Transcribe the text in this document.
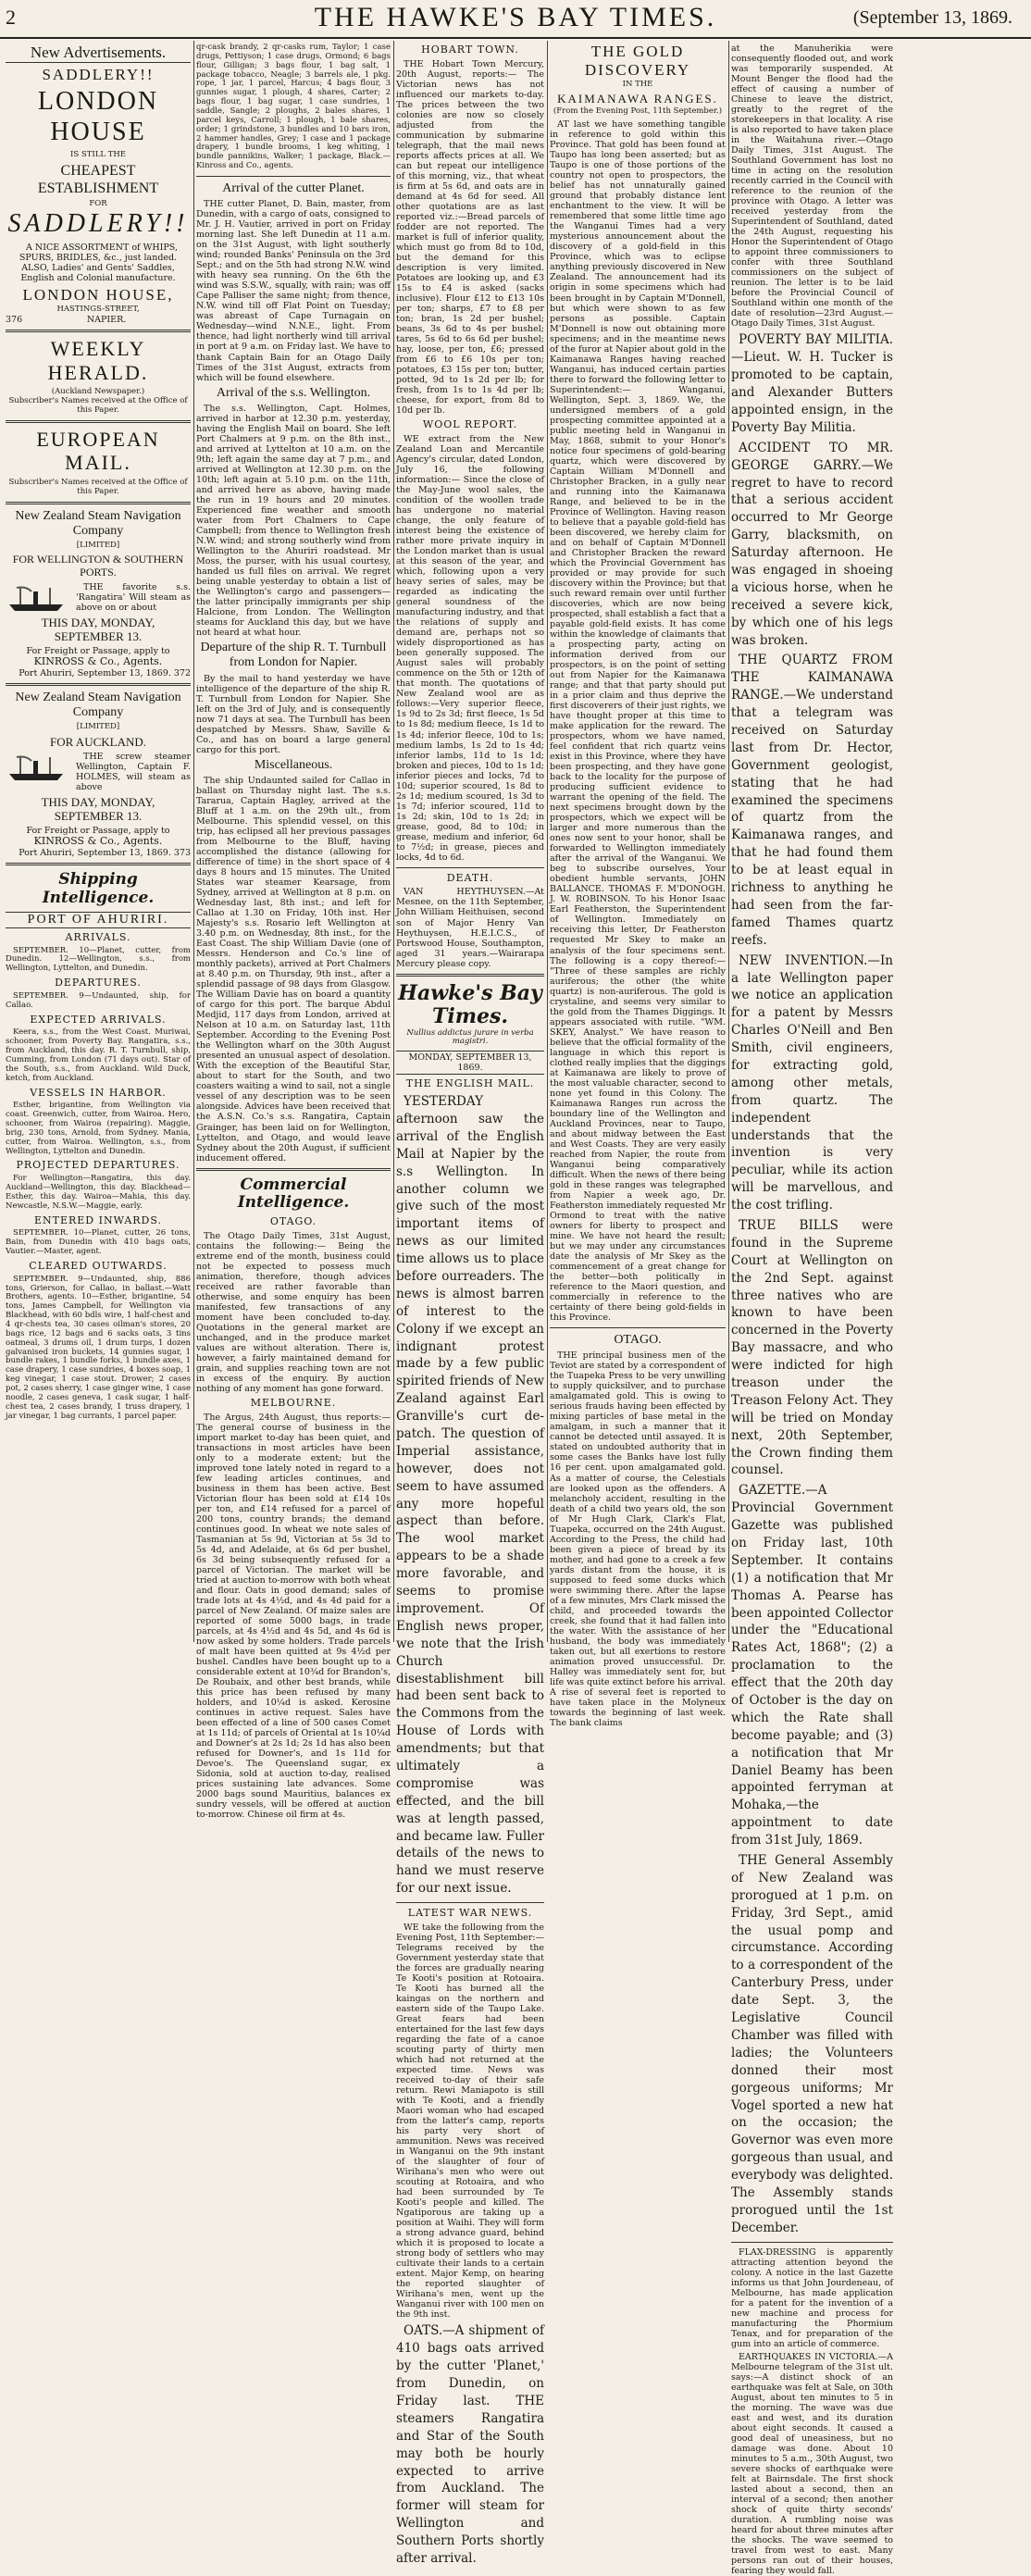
2	THE HAWKE'S BAY TIMES.	(September 13, 1869.
New Advertisements.
SADDLERY!!
LONDON HOUSE
IS STILL THE
CHEAPEST ESTABLISHMENT
FOR
SADDLERY!!

A NICE ASSORTMENT of WHIPS, SPURS, BRIDLES, &c., just landed. ALSO, Ladies' and Gents' Saddles, English and Colonial manufacture.

LONDON HOUSE,
HASTINGS-STREET,
376	NAPIER.
WEEKLY HERALD.
(Auckland Newspaper.)
Subscriber's Names received at the Office of this Paper.
EUROPEAN MAIL.
Subscriber's Names received at the Office of this Paper.
New Zealand Steam Navigation Company
[LIMITED]
FOR WELLINGTON & SOUTHERN PORTS.

THE favorite s.s. 'Rangatira' Will steam as above on or about

THIS DAY, MONDAY, SEPTEMBER 13.
For Freight or Passage, apply to
KINROSS & Co., Agents.
Port Ahuriri, September 13, 1869. 372
New Zealand Steam Navigation Company
[LIMITED]
FOR AUCKLAND.

THE screw steamer Wellington, Captain F. HOLMES, will steam as above

THIS DAY, MONDAY, SEPTEMBER 13.
For Freight or Passage, apply to
KINROSS & Co., Agents.
Port Ahuriri, September 13, 1869. 373
Shipping Intelligence.
PORT OF AHURIRI.
ARRIVALS.

SEPTEMBER. 10—Planet, cutter, from Dunedin. 12—Wellington, s.s., from Wellington, Lyttelton, and Dunedin.

DEPARTURES.

SEPTEMBER. 9—Undaunted, ship, for Callao.

EXPECTED ARRIVALS.

Keera, s.s., from the West Coast. Muriwai, schooner, from Poverty Bay. Rangatira, s.s., from Auckland, this day. R. T. Turnbull, ship, Cumming, from London (71 days out). Star of the South, s.s., from Auckland. Wild Duck, ketch, from Auckland.

VESSELS IN HARBOR.

Esther, brigantine, from Wellington via coast. Greenwich, cutter, from Wairoa. Hero, schooner, from Wairoa (repairing). Maggie, brig, 230 tons, Arnold, from Sydney. Mania, cutter, from Wairoa. Wellington, s.s., from Wellington, Lyttelton and Dunedin.

PROJECTED DEPARTURES.

For Wellington—Rangatira, this day. Auckland—Wellington, this day. Blackhead—Esther, this day. Wairoa—Mahia, this day. Newcastle, N.S.W.—Maggie, early.

ENTERED INWARDS.

SEPTEMBER. 10—Planet, cutter, 26 tons, Bain, from Dunedin with 410 bags oats, Vautier.—Master, agent.

CLEARED OUTWARDS.

SEPTEMBER. 9—Undaunted, ship, 886 tons, Grierson, for Callao, in ballast.—Watt Brothers, agents. 10—Esther, brigantine, 54 tons, James Campbell, for Wellington via Blackhead, with 60 bdls wire, 1 half-chest and 4 qr-chests tea, 30 cases oilman's stores, 20 bags rice, 12 bags and 6 sacks oats, 3 tins oatmeal, 3 drums oil, 1 drum turps, 1 dozen galvanised iron buckets, 14 gunnies sugar, 1 bundle rakes, 1 bundle forks, 1 bundle axes, 1 case drapery, 1 case sundries, 4 boxes soap, 1 keg vinegar, 1 case stout. Drower; 2 cases pot, 2 cases sherry, 1 case ginger wine, 1 case noodle, 2 cases geneva, 1 cask sugar, 1 half-chest tea, 2 cases brandy, 1 truss drapery, 1 jar vinegar, 1 bag currants, 1 parcel paper.

qr-cask brandy, 2 qr-casks rum, Taylor; 1 case drugs, Pettiyson; 1 case drugs, Ormond; 6 bags flour, Gilligan; 3 bags flour, 1 bag salt, 1 package tobacco, Neagle; 3 barrels ale, 1 pkg. rope, 1 jar, 1 parcel, Harcus; 4 bags flour, 3 gunnies sugar, 1 plough, 4 shares, Carter; 2 bags flour, 1 bag sugar, 1 case sundries, 1 saddle, Sangle; 2 ploughs, 2 bales shares, 1 parcel keys, Carroll; 1 plough, 1 bale shares, order; 1 grindstone, 3 bundles and 10 bars iron, 2 hammer handles, Grey; 1 case and 1 package drapery, 1 bundle brooms, 1 keg whiting, 1 bundle pannikins, Walker; 1 package, Black.—Kinross and Co., agents.

Arrival of the cutter Planet.

THE cutter Planet, D. Bain, master, from Dunedin, with a cargo of oats, consigned to Mr. J. H. Vautier, arrived in port on Friday morning last. She left Dunedin at 11 a.m. on the 31st August, with light southerly wind; rounded Banks' Peninsula on the 3rd Sept.; and on the 5th had strong N.W. wind with heavy sea running. On the 6th the wind was S.S.W., squally, with rain; was off Cape Palliser the same night; from thence, N.W. wind till off Flat Point on Tuesday; was abreast of Cape Turnagain on Wednesday—wind N.N.E., light. From thence, had light northerly wind till arrival in port at 9 a.m. on Friday last. We have to thank Captain Bain for an Otago Daily Times of the 31st August, extracts from which will be found elsewhere.

Arrival of the s.s. Wellington.

The s.s. Wellington, Capt. Holmes, arrived in harbor at 12.30 p.m. yesterday, having the English Mail on board. She left Port Chalmers at 9 p.m. on the 8th inst., and arrived at Lyttelton at 10 a.m. on the 9th; left again the same day at 7 p.m., and arrived at Wellington at 12.30 p.m. on the 10th; left again at 5.10 p.m. on the 11th, and arrived here as above, having made the run in 19 hours and 20 minutes. Experienced fine weather and smooth water from Port Chalmers to Cape Campbell; from thence to Wellington fresh N.W. wind; and strong southerly wind from Wellington to the Ahuriri roadstead. Mr Moss, the purser, with his usual courtesy, handed us full files on arrival. We regret being unable yesterday to obtain a list of the Wellington's cargo and passengers—the latter principally immigrants per ship Halcione, from London. The Wellington steams for Auckland this day, but we have not heard at what hour.

Departure of the ship R. T. Turnbull from London for Napier.

By the mail to hand yesterday we have intelligence of the departure of the ship R. T. Turnbull from London for Napier. She left on the 3rd of July, and is consequently now 71 days at sea. The Turnbull has been despatched by Messrs. Shaw, Saville & Co., and has on board a large general cargo for this port.

Miscellaneous.

The ship Undaunted sailed for Callao in ballast on Thursday night last. The s.s. Tararua, Captain Hagley, arrived at the Bluff at 1 a.m. on the 29th ult., from Melbourne. This splendid vessel, on this trip, has eclipsed all her previous passages from Melbourne to the Bluff, having accomplished the distance (allowing for difference of time) in the short space of 4 days 8 hours and 15 minutes. The United States war steamer Kearsage, from Sydney, arrived at Wellington at 8 p.m. on Wednesday last, 8th inst.; and left for Callao at 1.30 on Friday, 10th inst. Her Majesty's s.s. Rosario left Wellington at 3.40 p.m. on Wednesday, 8th inst., for the East Coast. The ship William Davie (one of Messrs. Henderson and Co.'s line of monthly packets), arrived at Port Chalmers at 8.40 p.m. on Thursday, 9th inst., after a splendid passage of 98 days from Glasgow. The William Davie has on board a quantity of cargo for this port. The barque Abdul Medjid, 117 days from London, arrived at Nelson at 10 a.m. on Saturday last, 11th September. According to the Evening Post the Wellington wharf on the 30th August presented an unusual aspect of desolation. With the exception of the Beautiful Star, about to start for the South, and two coasters waiting a wind to sail, not a single vessel of any description was to be seen alongside. Advices have been received that the A.S.N. Co.'s s.s. Rangatira, Captain Grainger, has been laid on for Wellington, Lyttelton, and Otago, and would leave Sydney about the 20th August, if sufficient inducement offered.

Commercial Intelligence.
OTAGO.

The Otago Daily Times, 31st August, contains the following:— Being the extreme end of the month, business could not be expected to possess much animation, therefore, though advices received are rather favorable than otherwise, and some enquiry has been manifested, few transactions of any moment have been concluded to-day. Quotations in the general market are unchanged, and in the produce market values are without alteration. There is, however, a fairly maintained demand for grain, and supplies reaching town are not in excess of the enquiry. By auction nothing of any moment has gone forward.

MELBOURNE.

The Argus, 24th August, thus reports:— The general course of business in the import market to-day has been quiet, and transactions in most articles have been only to a moderate extent; but the improved tone lately noted in regard to a few leading articles continues, and business in them has been active. Best Victorian flour has been sold at £14 10s per ton, and £14 refused for a parcel of 200 tons, country brands; the demand continues good. In wheat we note sales of Tasmanian at 5s 9d, Victorian at 5s 3d to 5s 4d, and Adelaide, at 6s 6d per bushel, 6s 3d being subsequently refused for a parcel of Victorian. The market will be tried at auction to-morrow with both wheat and flour. Oats in good demand; sales of trade lots at 4s 4½d, and 4s 4d paid for a parcel of New Zealand. Of maize sales are reported of some 5000 bags, in trade parcels, at 4s 4½d and 4s 5d, and 4s 6d is now asked by some holders. Trade parcels of malt have been quitted at 9s 4½d per bushel. Candles have been bought up to a considerable extent at 10¾d for Brandon's, De Roubaix, and other best brands, while this price has been refused by many holders, and 10¼d is asked. Kerosine continues in active request. Sales have been effected of a line of 500 cases Comet at 1s 11d; of parcels of Oriental at 1s 10¼d and Downer's at 2s 1d; 2s 1d has also been refused for Downer's, and 1s 11d for Devoe's. The Queensland sugar, ex Sidonia, sold at auction to-day, realised prices sustaining late advances. Some 2000 bags sound Mauritius, balances ex sundry vessels, will be offered at auction to-morrow. Chinese oil firm at 4s.

HOBART TOWN.

THE Hobart Town Mercury, 20th August, reports:— The Victorian news has not influenced our markets to-day. The prices between the two colonies are now so closely adjusted from the communication by submarine telegraph, that the mail news reports affects prices at all. We can but repeat our intelligence of this morning, viz., that wheat is firm at 5s 6d, and oats are in demand at 4s 6d for seed. All other quotations are as last reported viz.:—Bread parcels of fodder are not reported. The market is full of inferior quality, which must go from 8d to 10d, but the demand for this description is very limited. Potatoes are looking up, and £3 15s to £4 is asked (sacks inclusive). Flour £12 to £13 10s per ton; sharps, £7 to £8 per ton; bran, 1s 2d per bushel; beans, 3s 6d to 4s per bushel; tares, 5s 6d to 6s 6d per bushel; hay, loose, per ton, £6; pressed from £6 to £6 10s per ton; potatoes, £3 15s per ton; butter, potted, 9d to 1s 2d per lb; for fresh, from 1s to 1s 4d per lb; cheese, for export, from 8d to 10d per lb.

WOOL REPORT.

WE extract from the New Zealand Loan and Mercantile Agency's circular, dated London, July 16, the following information:— Since the close of the May-June wool sales, the condition of the woollen trade has undergone no material change, the only feature of interest being the existence of rather more private inquiry in the London market than is usual at this season of the year, and which, following upon a very heavy series of sales, may be regarded as indicating the general soundness of the manufacturing industry, and that the relations of supply and demand are, perhaps not so widely disproportioned as has been generally supposed. The August sales will probably commence on the 5th or 12th of that month. The quotations of New Zealand wool are as follows:—Very superior fleece, 1s 9d to 2s 3d; first fleece, 1s 5d to 1s 8d; medium fleece, 1s 1d to 1s 4d; inferior fleece, 10d to 1s; medium lambs, 1s 2d to 1s 4d; inferior lambs, 11d to 1s 1d; broken and pieces, 10d to 1s 1d; inferior pieces and locks, 7d to 10d; superior scoured, 1s 8d to 2s 1d; medium scoured, 1s 3d to 1s 7d; inferior scoured, 11d to 1s 2d; skin, 10d to 1s 2d; in grease, good, 8d to 10d; in grease, medium and inferior, 6d to 7½d; in grease, pieces and locks, 4d to 6d.

DEATH.

VAN HEYTHUYSEN.—At Mesnee, on the 11th September, John William Heithuisen, second son of Major Henry Van Heythuysen, H.E.I.C.S., of Portswood House, Southampton, aged 31 years.—Wairarapa Mercury please copy.

Hawke's Bay Times.
Nullius addictus jurare in verba magistri.
MONDAY, SEPTEMBER 13, 1869.
THE ENGLISH MAIL.

YESTERDAY afternoon saw the arrival of the English Mail at Napier by the s.s Wellington. In another column we give such of the most important items of news as our limited time allows us to place before ourreaders. The news is almost barren of interest to the Colony if we except an indignant protest made by a few public spirited friends of New Zealand against Earl Granville's curt de-patch. The question of Imperial assistance, however, does not seem to have assumed any more hopeful aspect than before. The wool market appears to be a shade more favorable, and seems to promise improvement. Of English news proper, we note that the Irish Church disestablishment bill had been sent back to the Commons from the House of Lords with amendments; but that ultimately a compromise was effected, and the bill was at length passed, and became law. Fuller details of the news to hand we must reserve for our next issue.

LATEST WAR NEWS.

WE take the following from the Evening Post, 11th September:— Telegrams received by the Government yesterday state that the forces are gradually nearing Te Kooti's position at Rotoaira. Te Kooti has burned all the kaingas on the northern and eastern side of the Taupo Lake. Great fears had been entertained for the last few days regarding the fate of a canoe scouting party of thirty men which had not returned at the expected time. News was received to-day of their safe return. Rewi Maniapoto is still with Te Kooti, and a friendly Maori woman who had escaped from the latter's camp, reports his party very short of ammunition. News was received in Wanganui on the 9th instant of the slaughter of four of Wirihana's men who were out scouting at Rotoaira, and who had been surrounded by Te Kooti's people and killed. The Ngatiporous are taking up a position at Waihi. They will form a strong advance guard, behind which it is proposed to locate a strong body of settlers who may cultivate their lands to a certain extent. Major Kemp, on hearing the reported slaughter of Wirihana's men, went up the Wanganui river with 100 men on the 9th inst.

OATS.—A shipment of 410 bags oats arrived by the cutter 'Planet,' from Dunedin, on Friday last. THE steamers Rangatira and Star of the South may both be hourly expected to arrive from Auckland. The former will steam for Wellington and Southern Ports shortly after arrival.

THE GOLD DISCOVERY
IN THE
KAIMANAWA RANGES.
(From the Evening Post, 11th September.)

AT last we have something tangible in reference to gold within this Province. That gold has been found at Taupo has long been asserted; but as Taupo is one of those portions of the country not open to prospectors, the belief has not unnaturally gained ground that probably distance lent enchantment to the view. It will be remembered that some little time ago the Wanganui Times had a very mysterious announcement about the discovery of a gold-field in this Province, which was to eclipse anything previously discovered in New Zealand. The announcement had its origin in some specimens which had been brought in by Captain M'Donnell, but which were shown to as few persons as possible. Captain M'Donnell is now out obtaining more specimens; and in the meantime news of the furor at Napier about gold in the Kaimanawa Ranges having reached Wanganui, has induced certain parties there to forward the following letter to Superintendent:— Wanganui, Wellington, Sept. 3, 1869. We, the undersigned members of a gold prospecting committee appointed at a public meeting held in Wanganui in May, 1868, submit to your Honor's notice four specimens of gold-bearing quartz, which were discovered by Captain William M'Donnell and Christopher Bracken, in a gully near and running into the Kaimanawa Range, and believed to be in the Province of Wellington. Having reason to believe that a payable gold-field has been discovered, we hereby claim for and on behalf of Captain M'Donnell and Christopher Bracken the reward which the Provincial Government has provided or may provide for such discovery within the Province; but that such reward remain over until further discoveries, which are now being prospected, shall establish a fact that a payable gold-field exists. It has come within the knowledge of claimants that a prospecting party, acting on information derived from our prospectors, is on the point of setting out from Napier for the Kaimanawa range; and that that party should put in a prior claim and thus deprive the first discoverers of their just rights, we have thought proper at this time to make application for the reward. The prospectors, whom we have named, feel confident that rich quartz veins exist in this Province, where they have been prospecting, and they have gone back to the locality for the purpose of producing sufficient evidence to warrant the opening of the field. The next specimens brought down by the prospectors, which we expect will be larger and more numerous than the ones now sent to your honor, shall be forwarded to Wellington immediately after the arrival of the Wanganui. We beg to subscribe ourselves, Your obedient humble servants, JOHN BALLANCE. THOMAS F. M'DONOGH. J. W. ROBINSON. To his Honor Isaac Earl Featherston, the Superintendent of Wellington. Immediately on receiving this letter, Dr Featherston requested Mr Skey to make an analysis of the four specimens sent. The following is a copy thereof:— "Three of these samples are richly auriferous; the other (the white quartz) is non-auriferous. The gold is crystaline, and seems very similar to the gold from the Thames Diggings. It appears associated with rutile. "WM. SKEY, Analyst." We have reason to believe that the official formality of the language in which this report is clothed really implies that the diggings at Kaimanawa are likely to prove of the most valuable character, second to none yet found in this Colony. The Kaimanawa Ranges run across the boundary line of the Wellington and Auckland Provinces, near to Taupo, and about midway between the East and West Coasts. They are very easily reached from Napier, the route from Wanganui being comparatively difficult. When the news of there being gold in these ranges was telegraphed from Napier a week ago, Dr. Featherston immediately requested Mr Ormond to treat with the native owners for liberty to prospect and mine. We have not heard the result; but we may under any circumstances date the analysis of Mr Skey as the commencement of a great change for the better—both politically in reference to the Maori question, and commercially in reference to the certainty of there being gold-fields in this Province.

OTAGO.

THE principal business men of the Teviot are stated by a correspondent of the Tuapeka Press to be very unwilling to supply quicksilver, and to purchase amalgamated gold. This is owing to serious frauds having been effected by mixing particles of base metal in the amalgam, in such a manner that it cannot be detected until assayed. It is stated on undoubted authority that in some cases the Banks have lost fully 16 per cent. upon amalgamated gold. As a matter of course, the Celestials are looked upon as the offenders. A melancholy accident, resulting in the death of a child two years old, the son of Mr Hugh Clark, Clark's Flat, Tuapeka, occurred on the 24th August. According to the Press, the child had been given a piece of bread by its mother, and had gone to a creek a few yards distant from the house, it is supposed to feed some ducks which were swimming there. After the lapse of a few minutes, Mrs Clark missed the child, and proceeded towards the creek, she found that it had fallen into the water. With the assistance of her husband, the body was immediately taken out, but all exertions to restore animation proved unsuccessful. Dr. Halley was immediately sent for, but life was quite extinct before his arrival. A rise of several feet is reported to have taken place in the Molyneux towards the beginning of last week. The bank claims

at the Manuherikia were consequently flooded out, and work was temporarily suspended. At Mount Benger the flood had the effect of causing a number of Chinese to leave the district, greatly to the regret of the storekeepers in that locality. A rise is also reported to have taken place in the Waitahuna river.—Otago Daily Times, 31st August. The Southland Government has lost no time in acting on the resolution recently carried in the Council with reference to the reunion of the province with Otago. A letter was received yesterday from the Superintendent of Southland, dated the 24th August, requesting his Honor the Superintendent of Otago to appoint three commissioners to confer with three Southland commissioners on the subject of reunion. The letter is to be laid before the Provincial Council of Southland within one month of the date of resolution—23rd August.—Otago Daily Times, 31st August.

POVERTY BAY MILITIA.—Lieut. W. H. Tucker is promoted to be captain, and Alexander Butters appointed ensign, in the Poverty Bay Militia.

ACCIDENT TO MR. GEORGE GARRY.—We regret to have to record that a serious accident occurred to Mr George Garry, blacksmith, on Saturday afternoon. He was engaged in shoeing a vicious horse, when he received a severe kick, by which one of his legs was broken.

THE QUARTZ FROM THE KAIMANAWA RANGE.—We understand that a telegram was received on Saturday last from Dr. Hector, Government geologist, stating that he had examined the specimens of quartz from the Kaimanawa ranges, and that he had found them to be at least equal in richness to anything he had seen from the far-famed Thames quartz reefs.

NEW INVENTION.—In a late Wellington paper we notice an application for a patent by Messrs Charles O'Neill and Ben Smith, civil engineers, for extracting gold, among other metals, from quartz. The independent understands that the invention is very peculiar, while its action will be marvellous, and the cost trifling.

TRUE BILLS were found in the Supreme Court at Wellington on the 2nd Sept. against three natives who are known to have been concerned in the Poverty Bay massacre, and who were indicted for high treason under the Treason Felony Act. They will be tried on Monday next, 20th September, the Crown finding them counsel.

GAZETTE.—A Provincial Government Gazette was published on Friday last, 10th September. It contains (1) a notification that Mr Thomas A. Pearse has been appointed Collector under the "Educational Rates Act, 1868"; (2) a proclamation to the effect that the 20th day of October is the day on which the Rate shall become payable; and (3) a notification that Mr Daniel Beamy has been appointed ferryman at Mohaka,—the appointment to date from 31st July, 1869.

THE General Assembly of New Zealand was prorogued at 1 p.m. on Friday, 3rd Sept., amid the usual pomp and circumstance. According to a correspondent of the Canterbury Press, under date Sept. 3, the Legislative Council Chamber was filled with ladies; the Volunteers donned their most gorgeous uniforms; Mr Vogel sported a new hat on the occasion; the Governor was even more gorgeous than usual, and everybody was delighted. The Assembly stands prorogued until the 1st December.

FLAX-DRESSING is apparently attracting attention beyond the colony. A notice in the last Gazette informs us that John Jourdeneau, of Melbourne, has made application for a patent for the invention of a new machine and process for manufacturing the Phormium Tenax, and for preparation of the gum into an article of commerce.

EARTHQUAKES IN VICTORIA.—A Melbourne telegram of the 31st ult. says:—A distinct shock of an earthquake was felt at Sale, on 30th August, about ten minutes to 5 in the morning. The wave was due east and west, and its duration about eight seconds. It caused a good deal of uneasiness, but no damage was done. About 10 minutes to 5 a.m., 30th August, two severe shocks of earthquake were felt at Bairnsdale. The first shock lasted about a second, then an interval of a second; then another shock of quite thirty seconds' duration. A rumbling noise was heard for about three minutes after the shocks. The wave seemed to travel from west to east. Many persons ran out of their houses, fearing they would fall.
